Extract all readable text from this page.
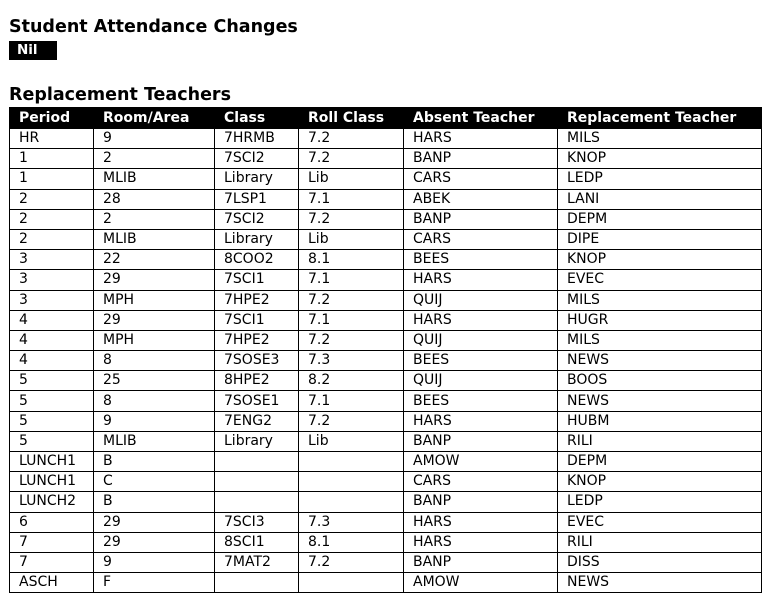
Student Attendance Changes
Nil
Replacement Teachers
Period	Room/Area	Class	Roll Class	Absent Teacher	Replacement Teacher
HR	9	7HRMB	7.2	HARS	MILS
1	2	7SCI2	7.2	BANP	KNOP
1	MLIB	Library	Lib	CARS	LEDP
2	28	7LSP1	7.1	ABEK	LANI
2	2	7SCI2	7.2	BANP	DEPM
2	MLIB	Library	Lib	CARS	DIPE
3	22	8COO2	8.1	BEES	KNOP
3	29	7SCI1	7.1	HARS	EVEC
3	MPH	7HPE2	7.2	QUIJ	MILS
4	29	7SCI1	7.1	HARS	HUGR
4	MPH	7HPE2	7.2	QUIJ	MILS
4	8	7SOSE3	7.3	BEES	NEWS
5	25	8HPE2	8.2	QUIJ	BOOS
5	8	7SOSE1	7.1	BEES	NEWS
5	9	7ENG2	7.2	HARS	HUBM
5	MLIB	Library	Lib	BANP	RILI
LUNCH1	B			AMOW	DEPM
LUNCH1	C			CARS	KNOP
LUNCH2	B			BANP	LEDP
6	29	7SCI3	7.3	HARS	EVEC
7	29	8SCI1	8.1	HARS	RILI
7	9	7MAT2	7.2	BANP	DISS
ASCH	F			AMOW	NEWS
